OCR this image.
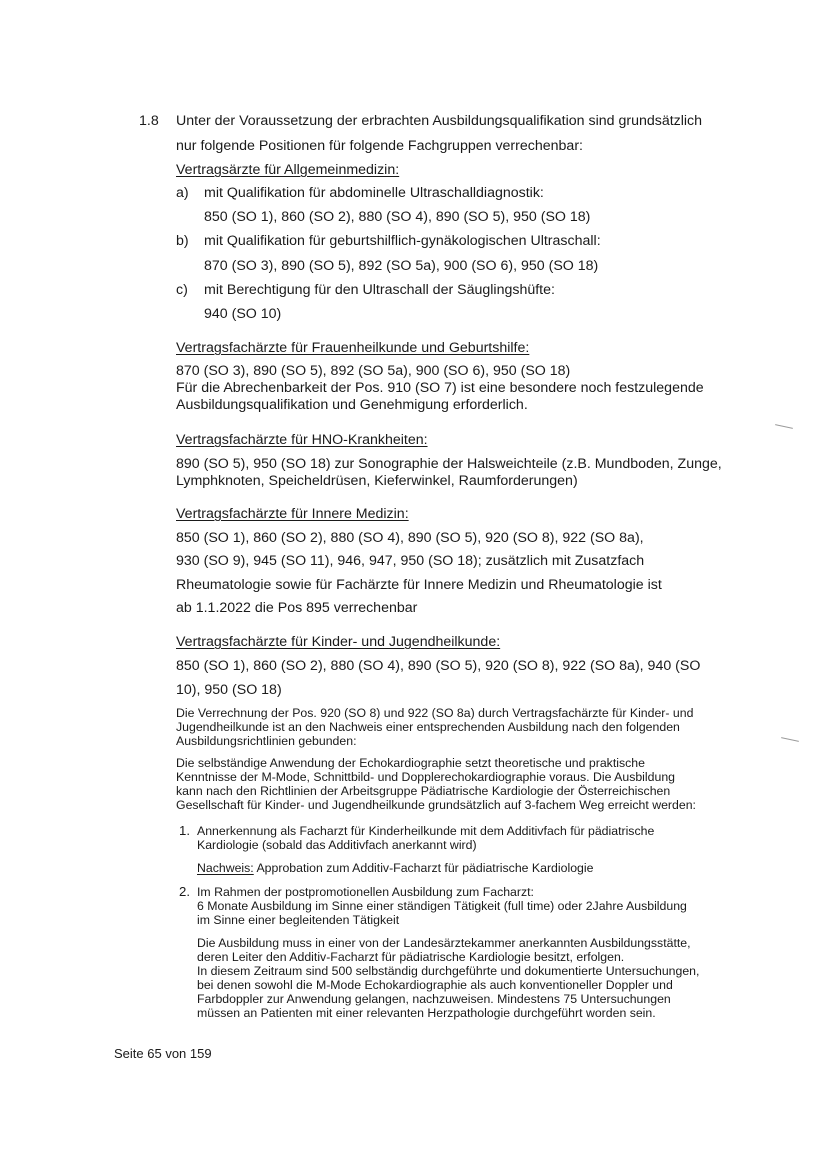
1.8 Unter der Voraussetzung der erbrachten Ausbildungsqualifikation sind grundsätzlich
nur folgende Positionen für folgende Fachgruppen verrechenbar:
Vertragsärzte für Allgemeinmedizin:
a) mit Qualifikation für abdominelle Ultraschalldiagnostik:
850 (SO 1), 860 (SO 2), 880 (SO 4), 890 (SO 5), 950 (SO 18)
b) mit Qualifikation für geburtshilflich-gynäkologischen Ultraschall:
870 (SO 3), 890 (SO 5), 892 (SO 5a), 900 (SO 6), 950 (SO 18)
c) mit Berechtigung für den Ultraschall der Säuglingshüfte:
940 (SO 10)
Vertragsfachärzte für Frauenheilkunde und Geburtshilfe:
870 (SO 3), 890 (SO 5), 892 (SO 5a), 900 (SO 6), 950 (SO 18)
Für die Abrechenbarkeit der Pos. 910 (SO 7) ist eine besondere noch festzulegende
Ausbildungsqualifikation und Genehmigung erforderlich.
Vertragsfachärzte für HNO-Krankheiten:
890 (SO 5), 950 (SO 18) zur Sonographie der Halsweichteile (z.B. Mundboden, Zunge,
Lymphknoten, Speicheldrüsen, Kieferwinkel, Raumforderungen)
Vertragsfachärzte für Innere Medizin:
850 (SO 1), 860 (SO 2), 880 (SO 4), 890 (SO 5), 920 (SO 8), 922 (SO 8a),
930 (SO 9), 945 (SO 11), 946, 947, 950 (SO 18); zusätzlich mit Zusatzfach
Rheumatologie sowie für Fachärzte für Innere Medizin und Rheumatologie ist
ab 1.1.2022 die Pos 895 verrechenbar
Vertragsfachärzte für Kinder- und Jugendheilkunde:
850 (SO 1), 860 (SO 2), 880 (SO 4), 890 (SO 5), 920 (SO 8), 922 (SO 8a), 940 (SO
10), 950 (SO 18)
Die Verrechnung der Pos. 920 (SO 8) und 922 (SO 8a) durch Vertragsfachärzte für Kinder- und
Jugendheilkunde ist an den Nachweis einer entsprechenden Ausbildung nach den folgenden
Ausbildungsrichtlinien gebunden:
Die selbständige Anwendung der Echokardiographie setzt theoretische und praktische
Kenntnisse der M-Mode, Schnittbild- und Dopplerechokardiographie voraus. Die Ausbildung
kann nach den Richtlinien der Arbeitsgruppe Pädiatrische Kardiologie der Österreichischen
Gesellschaft für Kinder- und Jugendheilkunde grundsätzlich auf 3-fachem Weg erreicht werden:
1. Annerkennung als Facharzt für Kinderheilkunde mit dem Additivfach für pädiatrische
Kardiologie (sobald das Additivfach anerkannt wird)
Nachweis: Approbation zum Additiv-Facharzt für pädiatrische Kardiologie
2. Im Rahmen der postpromotionellen Ausbildung zum Facharzt:
6 Monate Ausbildung im Sinne einer ständigen Tätigkeit (full time) oder 2Jahre Ausbildung
im Sinne einer begleitenden Tätigkeit
Die Ausbildung muss in einer von der Landesärztekammer anerkannten Ausbildungsstätte,
deren Leiter den Additiv-Facharzt für pädiatrische Kardiologie besitzt, erfolgen.
In diesem Zeitraum sind 500 selbständig durchgeführte und dokumentierte Untersuchungen,
bei denen sowohl die M-Mode Echokardiographie als auch konventioneller Doppler und
Farbdoppler zur Anwendung gelangen, nachzuweisen. Mindestens 75 Untersuchungen
müssen an Patienten mit einer relevanten Herzpathologie durchgeführt worden sein.
Seite 65 von 159
